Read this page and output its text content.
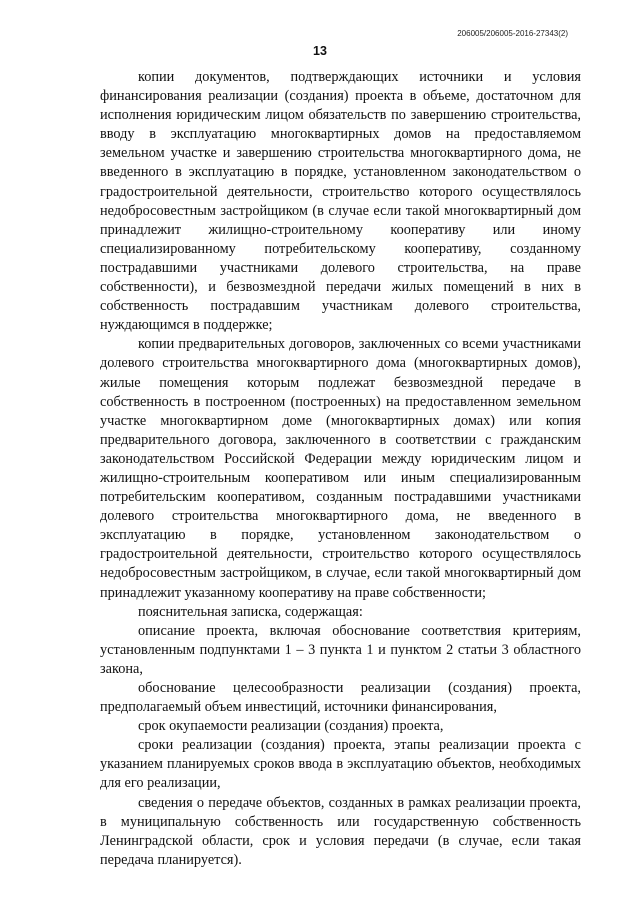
206005/206005-2016-27343(2)
13

копии документов, подтверждающих источники и условия финансирования реализации (создания) проекта в объеме, достаточном для исполнения юридическим лицом обязательств по завершению строительства, вводу в эксплуатацию многоквартирных домов на предоставляемом земельном участке и завершению строительства многоквартирного дома, не введенного в эксплуатацию в порядке, установленном законодательством о градостроительной деятельности, строительство которого осуществлялось недобросовестным застройщиком (в случае если такой многоквартирный дом принадлежит жилищно-строительному кооперативу или иному специализированному потребительскому кооперативу, созданному пострадавшими участниками долевого строительства, на праве собственности), и безвозмездной передачи жилых помещений в них в собственность пострадавшим участникам долевого строительства, нуждающимся в поддержке;

копии предварительных договоров, заключенных со всеми участниками долевого строительства многоквартирного дома (многоквартирных домов), жилые помещения которым подлежат безвозмездной передаче в собственность в построенном (построенных) на предоставленном земельном участке многоквартирном доме (многоквартирных домах) или копия предварительного договора, заключенного в соответствии с гражданским законодательством Российской Федерации между юридическим лицом и жилищно-строительным кооперативом или иным специализированным потребительским кооперативом, созданным пострадавшими участниками долевого строительства многоквартирного дома, не введенного в эксплуатацию в порядке, установленном законодательством о градостроительной деятельности, строительство которого осуществлялось недобросовестным застройщиком, в случае, если такой многоквартирный дом принадлежит указанному кооперативу на праве собственности;

пояснительная записка, содержащая:

описание проекта, включая обоснование соответствия критериям, установленным подпунктами 1 – 3 пункта 1 и пунктом 2 статьи 3 областного закона,

обоснование целесообразности реализации (создания) проекта, предполагаемый объем инвестиций, источники финансирования,

срок окупаемости реализации (создания) проекта,

сроки реализации (создания) проекта, этапы реализации проекта с указанием планируемых сроков ввода в эксплуатацию объектов, необходимых для его реализации,

сведения о передаче объектов, созданных в рамках реализации проекта, в муниципальную собственность или государственную собственность Ленинградской области, срок и условия передачи (в случае, если такая передача планируется).
